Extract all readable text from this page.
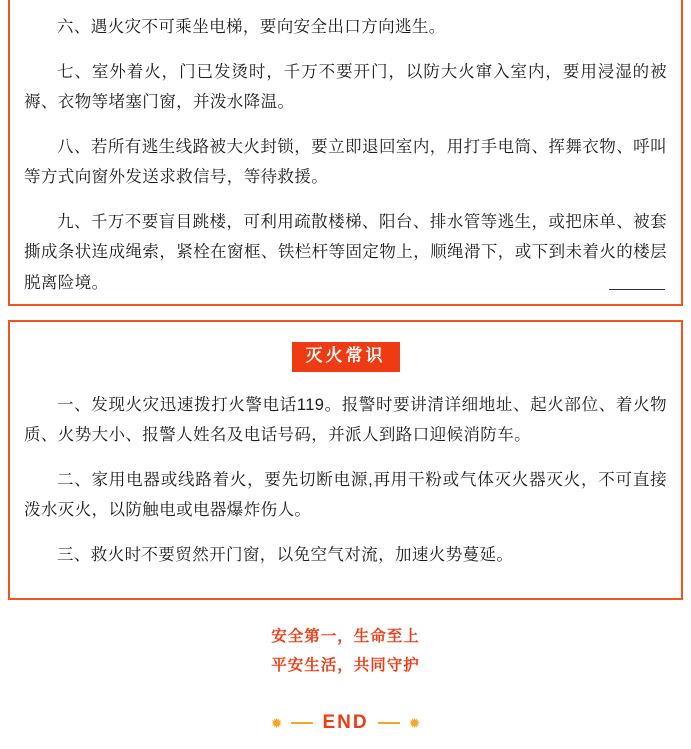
六、遇火灾不可乘坐电梯，要向安全出口方向逃生。

七、室外着火，门已发烫时，千万不要开门，以防大火窜入室内，要用浸湿的被褥、衣物等堵塞门窗，并泼水降温。

八、若所有逃生线路被大火封锁，要立即退回室内，用打手电筒、挥舞衣物、呼叫等方式向窗外发送求救信号，等待救援。

九、千万不要盲目跳楼，可利用疏散楼梯、阳台、排水管等逃生，或把床单、被套撕成条状连成绳索，紧栓在窗框、铁栏杆等固定物上，顺绳滑下，或下到未着火的楼层脱离险境。

灭火常识

一、发现火灾迅速拨打火警电话119。报警时要讲清详细地址、起火部位、着火物质、火势大小、报警人姓名及电话号码，并派人到路口迎候消防车。

二、家用电器或线路着火，要先切断电源,再用干粉或气体灭火器灭火，不可直接泼水灭火，以防触电或电器爆炸伤人。

三、救火时不要贸然开门窗，以免空气对流，加速火势蔓延。

安全第一，生命至上
平安生活，共同守护
✹ END	✹
